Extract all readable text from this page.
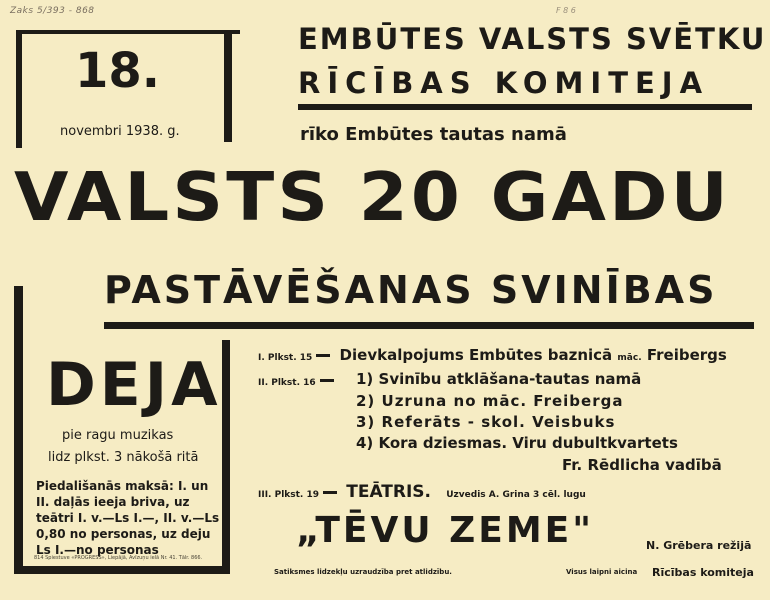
Zaks 5/393 - 868	F 8 6
18.
novembri 1938. g.
EMBŪTES VALSTS SVĒTKU
RĪCĪBAS KOMITEJA
rīko Embūtes tautas namā
VALSTS 20 GADU
PASTĀVĒŠANAS SVINĪBAS
DEJA
pie ragu muzikas
lidz plkst. 3 nākošā ritā
Piedališanās maksā: I. un II. daļās ieeja briva, uz teātri I. v.—Ls I.—, II. v.—Ls 0,80 no personas, uz deju Ls I.—no personas
814 Spiestuve «PROGRESS», Liepājā, Avīzuņu ielā Nr. 41. Tālr. 866.
I. Plkst. 15 Dievkalpojums Embūtes baznicā māc. Freibergs
II. Plkst. 16	1) Svinību atklāšana-tautas namā
2) Uzruna no māc. Freiberga
3) Referāts - skol. Veisbuks
4) Kora dziesmas. Viru dubultkvartets
Fr. Rēdlicha vadībā
III. Plkst. 19 TEĀTRIS. Uzvedis A. Grina 3 cēl. lugu
„TĒVU ZEME"	N. Grēbera režijā
Satiksmes lidzekļu uzraudzība pret atlidzību.	Visus laipni aicina Rīcības komiteja
